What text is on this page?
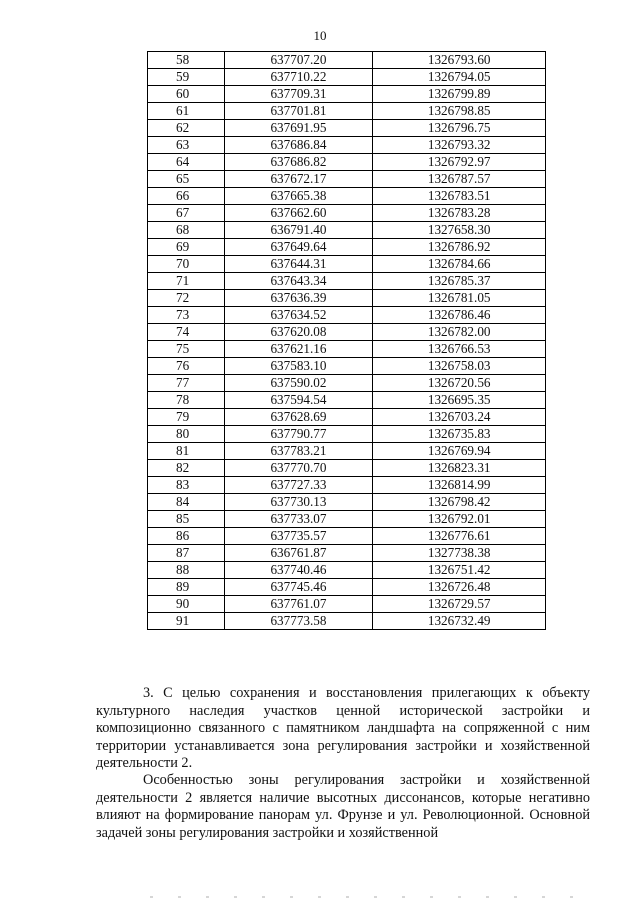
10
58	637707.20	1326793.60
59	637710.22	1326794.05
60	637709.31	1326799.89
61	637701.81	1326798.85
62	637691.95	1326796.75
63	637686.84	1326793.32
64	637686.82	1326792.97
65	637672.17	1326787.57
66	637665.38	1326783.51
67	637662.60	1326783.28
68	636791.40	1327658.30
69	637649.64	1326786.92
70	637644.31	1326784.66
71	637643.34	1326785.37
72	637636.39	1326781.05
73	637634.52	1326786.46
74	637620.08	1326782.00
75	637621.16	1326766.53
76	637583.10	1326758.03
77	637590.02	1326720.56
78	637594.54	1326695.35
79	637628.69	1326703.24
80	637790.77	1326735.83
81	637783.21	1326769.94
82	637770.70	1326823.31
83	637727.33	1326814.99
84	637730.13	1326798.42
85	637733.07	1326792.01
86	637735.57	1326776.61
87	636761.87	1327738.38
88	637740.46	1326751.42
89	637745.46	1326726.48
90	637761.07	1326729.57
91	637773.58	1326732.49
3. С целью сохранения и восстановления прилегающих к объекту культурного наследия участков ценной исторической застройки и композиционно связанного с памятником ландшафта на сопряженной с ним территории устанавливается зона регулирования застройки и хозяйственной деятельности 2.
Особенностью зоны регулирования застройки и хозяйственной деятельности 2 является наличие высотных диссонансов, которые негативно влияют на формирование панорам ул. Фрунзе и ул. Революционной. Основной задачей зоны регулирования застройки и хозяйственной
